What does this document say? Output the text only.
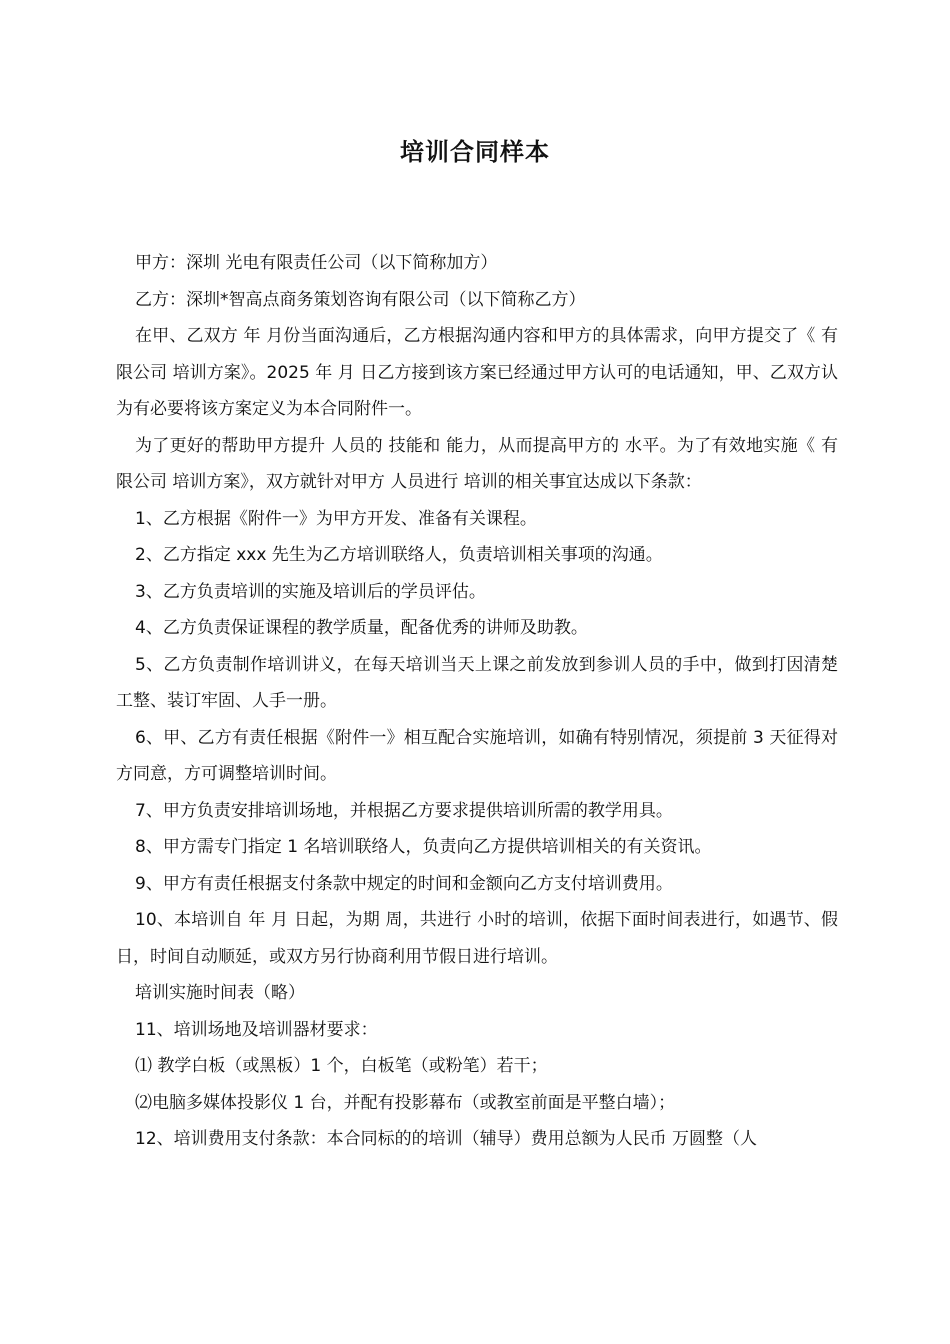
培训合同样本

甲方：深圳 光电有限责任公司（以下简称加方）

乙方：深圳*智高点商务策划咨询有限公司（以下简称乙方）

在甲、乙双方 年 月份当面沟通后，乙方根据沟通内容和甲方的具体需求，向甲方提交了《 有限公司 培训方案》。2025 年 月 日乙方接到该方案已经通过甲方认可的电话通知，甲、乙双方认为有必要将该方案定义为本合同附件一。

为了更好的帮助甲方提升 人员的 技能和 能力，从而提高甲方的 水平。为了有效地实施《 有限公司 培训方案》，双方就针对甲方 人员进行 培训的相关事宜达成以下条款：

1、乙方根据《附件一》为甲方开发、准备有关课程。

2、乙方指定 xxx 先生为乙方培训联络人，负责培训相关事项的沟通。

3、乙方负责培训的实施及培训后的学员评估。

4、乙方负责保证课程的教学质量，配备优秀的讲师及助教。

5、乙方负责制作培训讲义，在每天培训当天上课之前发放到参训人员的手中，做到打因清楚工整、装订牢固、人手一册。

6、甲、乙方有责任根据《附件一》相互配合实施培训，如确有特别情况，须提前 3 天征得对方同意，方可调整培训时间。

7、甲方负责安排培训场地，并根据乙方要求提供培训所需的教学用具。

8、甲方需专门指定 1 名培训联络人，负责向乙方提供培训相关的有关资讯。

9、甲方有责任根据支付条款中规定的时间和金额向乙方支付培训费用。

10、本培训自 年 月 日起，为期 周，共进行 小时的培训，依据下面时间表进行，如遇节、假日，时间自动顺延，或双方另行协商利用节假日进行培训。

培训实施时间表（略）

11、培训场地及培训器材要求：

⑴ 教学白板（或黑板）1 个，白板笔（或粉笔）若干；

⑵电脑多媒体投影仪 1 台，并配有投影幕布（或教室前面是平整白墙）；

12、培训费用支付条款：本合同标的的培训（辅导）费用总额为人民币 万圆整（人
